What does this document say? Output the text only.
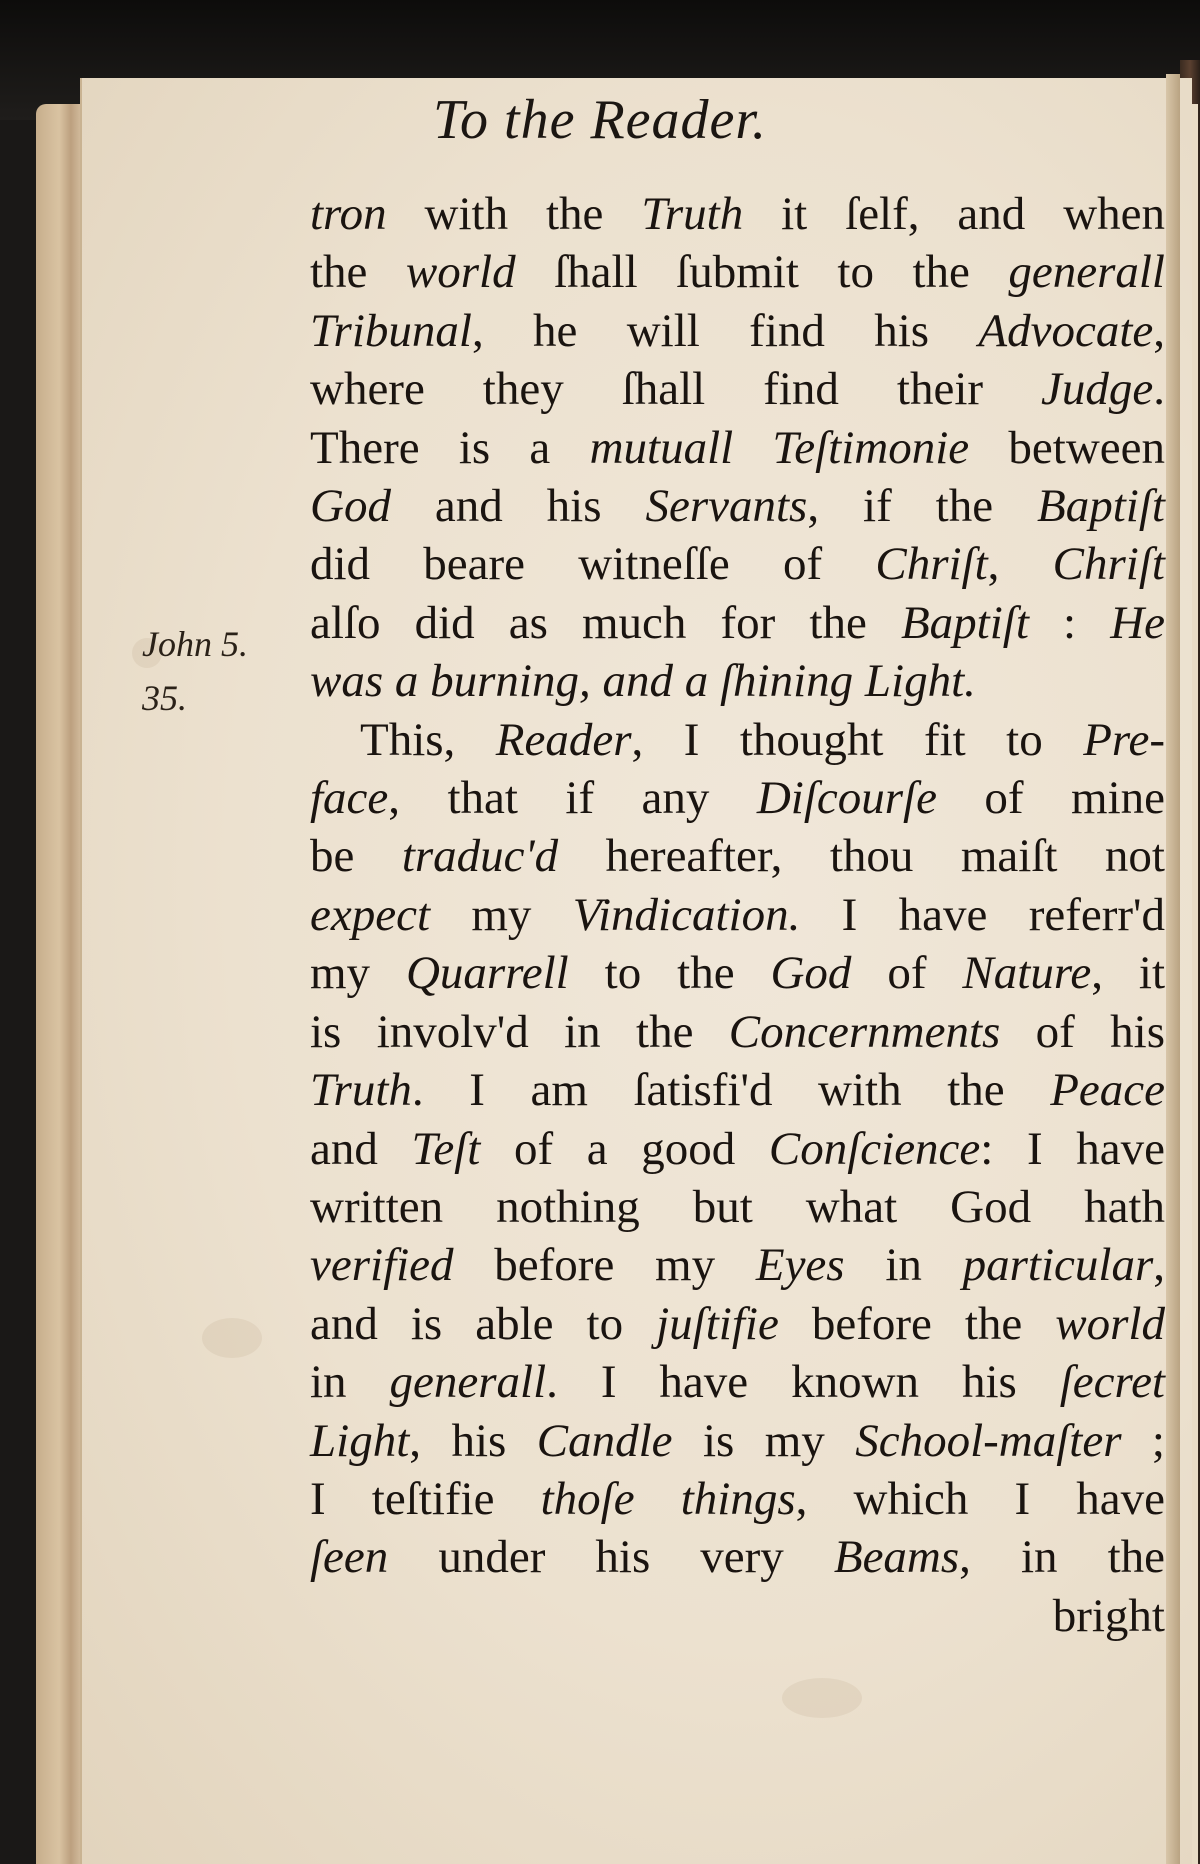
To the Reader.
John 5.
35.
tron with the Truth it ſelf, and when
the world ſhall ſubmit to the generall
Tribunal, he will find his Advocate,
where they ſhall find their Judge.
There is a mutuall Teſtimonie between
God and his Servants, if the Baptiſt
did beare witneſſe of Chriſt, Chriſt
alſo did as much for the Baptiſt : He
was a burning, and a ſhining Light.
This, Reader, I thought fit to Pre-
face, that if any Diſcourſe of mine
be traduc'd hereafter, thou maiſt not
expect my Vindication. I have referr'd
my Quarrell to the God of Nature, it
is involv'd in the Concernments of his
Truth. I am ſatisfi'd with the Peace
and Teſt of a good Conſcience: I have
written nothing but what God hath
verified before my Eyes in particular,
and is able to juſtifie before the world
in generall. I have known his ſecret
Light, his Candle is my School-maſter ;
I teſtifie thoſe things, which I have
ſeen under his very Beams, in the
bright
